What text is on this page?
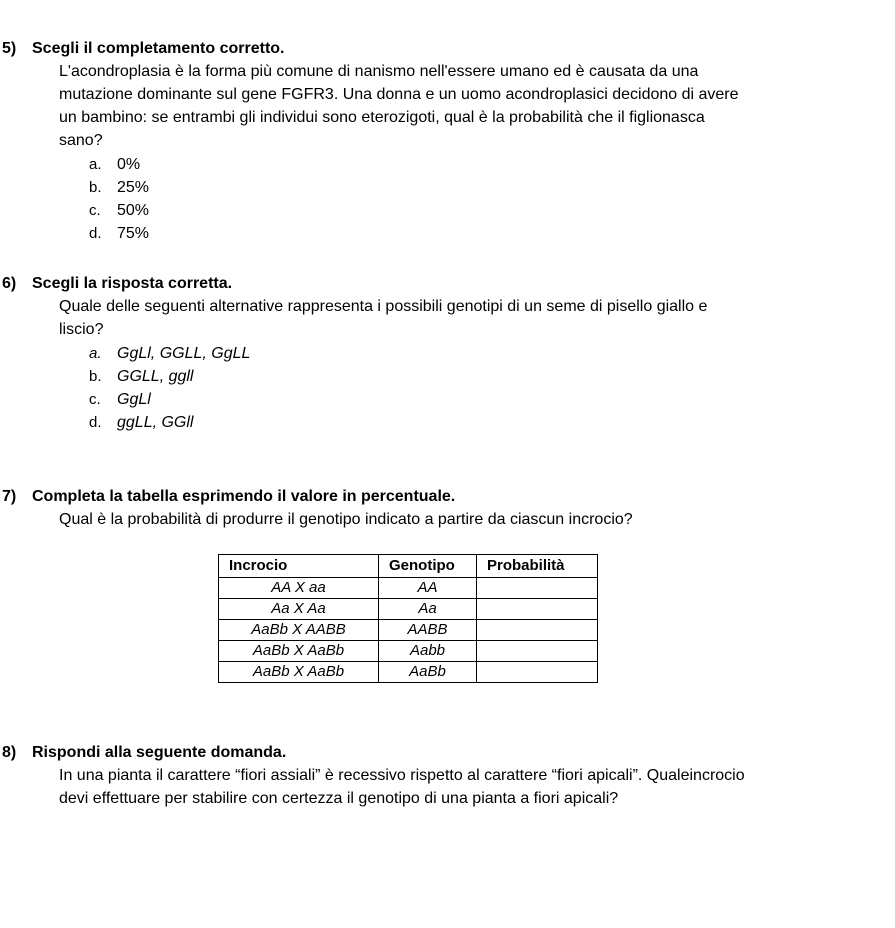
5) Scegli il completamento corretto.
L'acondroplasia è la forma più comune di nanismo nell'essere umano ed è causata da una
mutazione dominante sul gene FGFR3. Una donna e un uomo acondroplasici decidono di avere
un bambino: se entrambi gli individui sono eterozigoti, qual è la probabilità che il figlionasca
sano?
a. 0%
b. 25%
c.	50%
d. 75%
6) Scegli la risposta corretta.
Quale delle seguenti alternative rappresenta i possibili genotipi di un seme di pisello giallo e
liscio?
a. GgLl, GGLL, GgLL
b. GGLL, ggll
c.	GgLl
d. ggLL, GGll
7) Completa la tabella esprimendo il valore in percentuale.
Qual è la probabilità di produrre il genotipo indicato a partire da ciascun incrocio?
Incrocio	Genotipo	Probabilità
AA X aa	AA	
Aa X Aa	Aa	
AaBb X AABB	AABB	
AaBb X AaBb	Aabb	
AaBb X AaBb	AaBb	
8) Rispondi alla seguente domanda.
In una pianta il carattere “fiori assiali” è recessivo rispetto al carattere “fiori apicali”. Qualeincrocio
devi effettuare per stabilire con certezza il genotipo di una pianta a fiori apicali?
